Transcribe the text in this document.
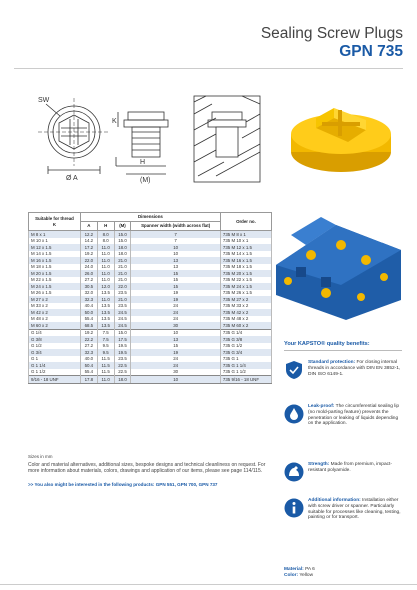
Sealing Screw Plugs
GPN 735
SW
Ø A
K
H
(M)
Suitable for thread
K	Dimensions				Order no.
	A	H	(M)	Spanner width (width across flat)	
M 8 x 1	12.2	8.0	15.0	7	735 M 8 x 1
M 10 x 1	14.2	8.0	15.0	7	735 M 10 x 1
M 12 x 1.5	17.2	11.0	18.0	10	735 M 12 x 1.5
M 14 x 1.5	19.2	11.0	18.0	10	735 M 14 x 1.5
M 16 x 1.5	22.0	11.0	21.0	13	735 M 16 x 1.5
M 18 x 1.5	24.0	11.0	21.0	13	735 M 18 x 1.5
M 20 x 1.5	26.0	11.0	21.0	15	735 M 20 x 1.5
M 22 x 1.5	27.2	11.0	21.0	15	735 M 22 x 1.5
M 24 x 1.5	30.5	12.0	22.0	15	735 M 24 x 1.5
M 26 x 1.5	32.0	13.5	23.5	19	735 M 26 x 1.5
M 27 x 2	32.3	11.0	21.0	19	735 M 27 x 2
M 33 x 2	40.4	13.5	23.5	24	735 M 33 x 2
M 42 x 2	50.0	13.5	24.5	24	735 M 42 x 2
M 48 x 2	55.4	13.5	24.5	24	735 M 48 x 2
M 60 x 2	68.5	13.5	24.5	30	735 M 60 x 2
G 1/4	19.2	7.5	15.0	10	735 G 1/4
G 3/8	22.2	7.5	17.5	13	735 G 3/8
G 1/2	27.2	9.5	19.5	15	735 G 1/2
G 3/4	32.3	9.5	19.5	19	735 G 3/4
G 1	40.0	11.5	23.5	24	735 G 1
G 1 1/4	50.4	11.5	22.5	24	735 G 1 1/4
G 1 1/2	55.4	11.5	22.5	30	735 G 1 1/2
9/16 - 18 UNF	17.8	11.0	18.0	10	735 9/16 - 18 UNF
Sizes in mm
Color and material alternatives, additional sizes, bespoke designs and technical cleanliness on request. For more information about materials, colors, drawings and application of our items, please see page 114/115.
>> You also might be interested in the following products: GPN 551, GPN 700, GPN 737
Your KAPSTO® quality benefits:
Standard protection: For closing internal threads in accordance with DIN EN 3852-1, DIN ISO 6149-1.
Leak-proof: The circumferential sealing lip (no mold-parting feature) prevents the penetration or leaking of liquids depending on the application.
Strength: Made from premium, impact-resistant polyamide.
Additional information: Installation either with screw driver or spanner. Particularly suitable for processes like cleaning, testing, painting or for transport.
Material: PA 6
Color: Yellow
